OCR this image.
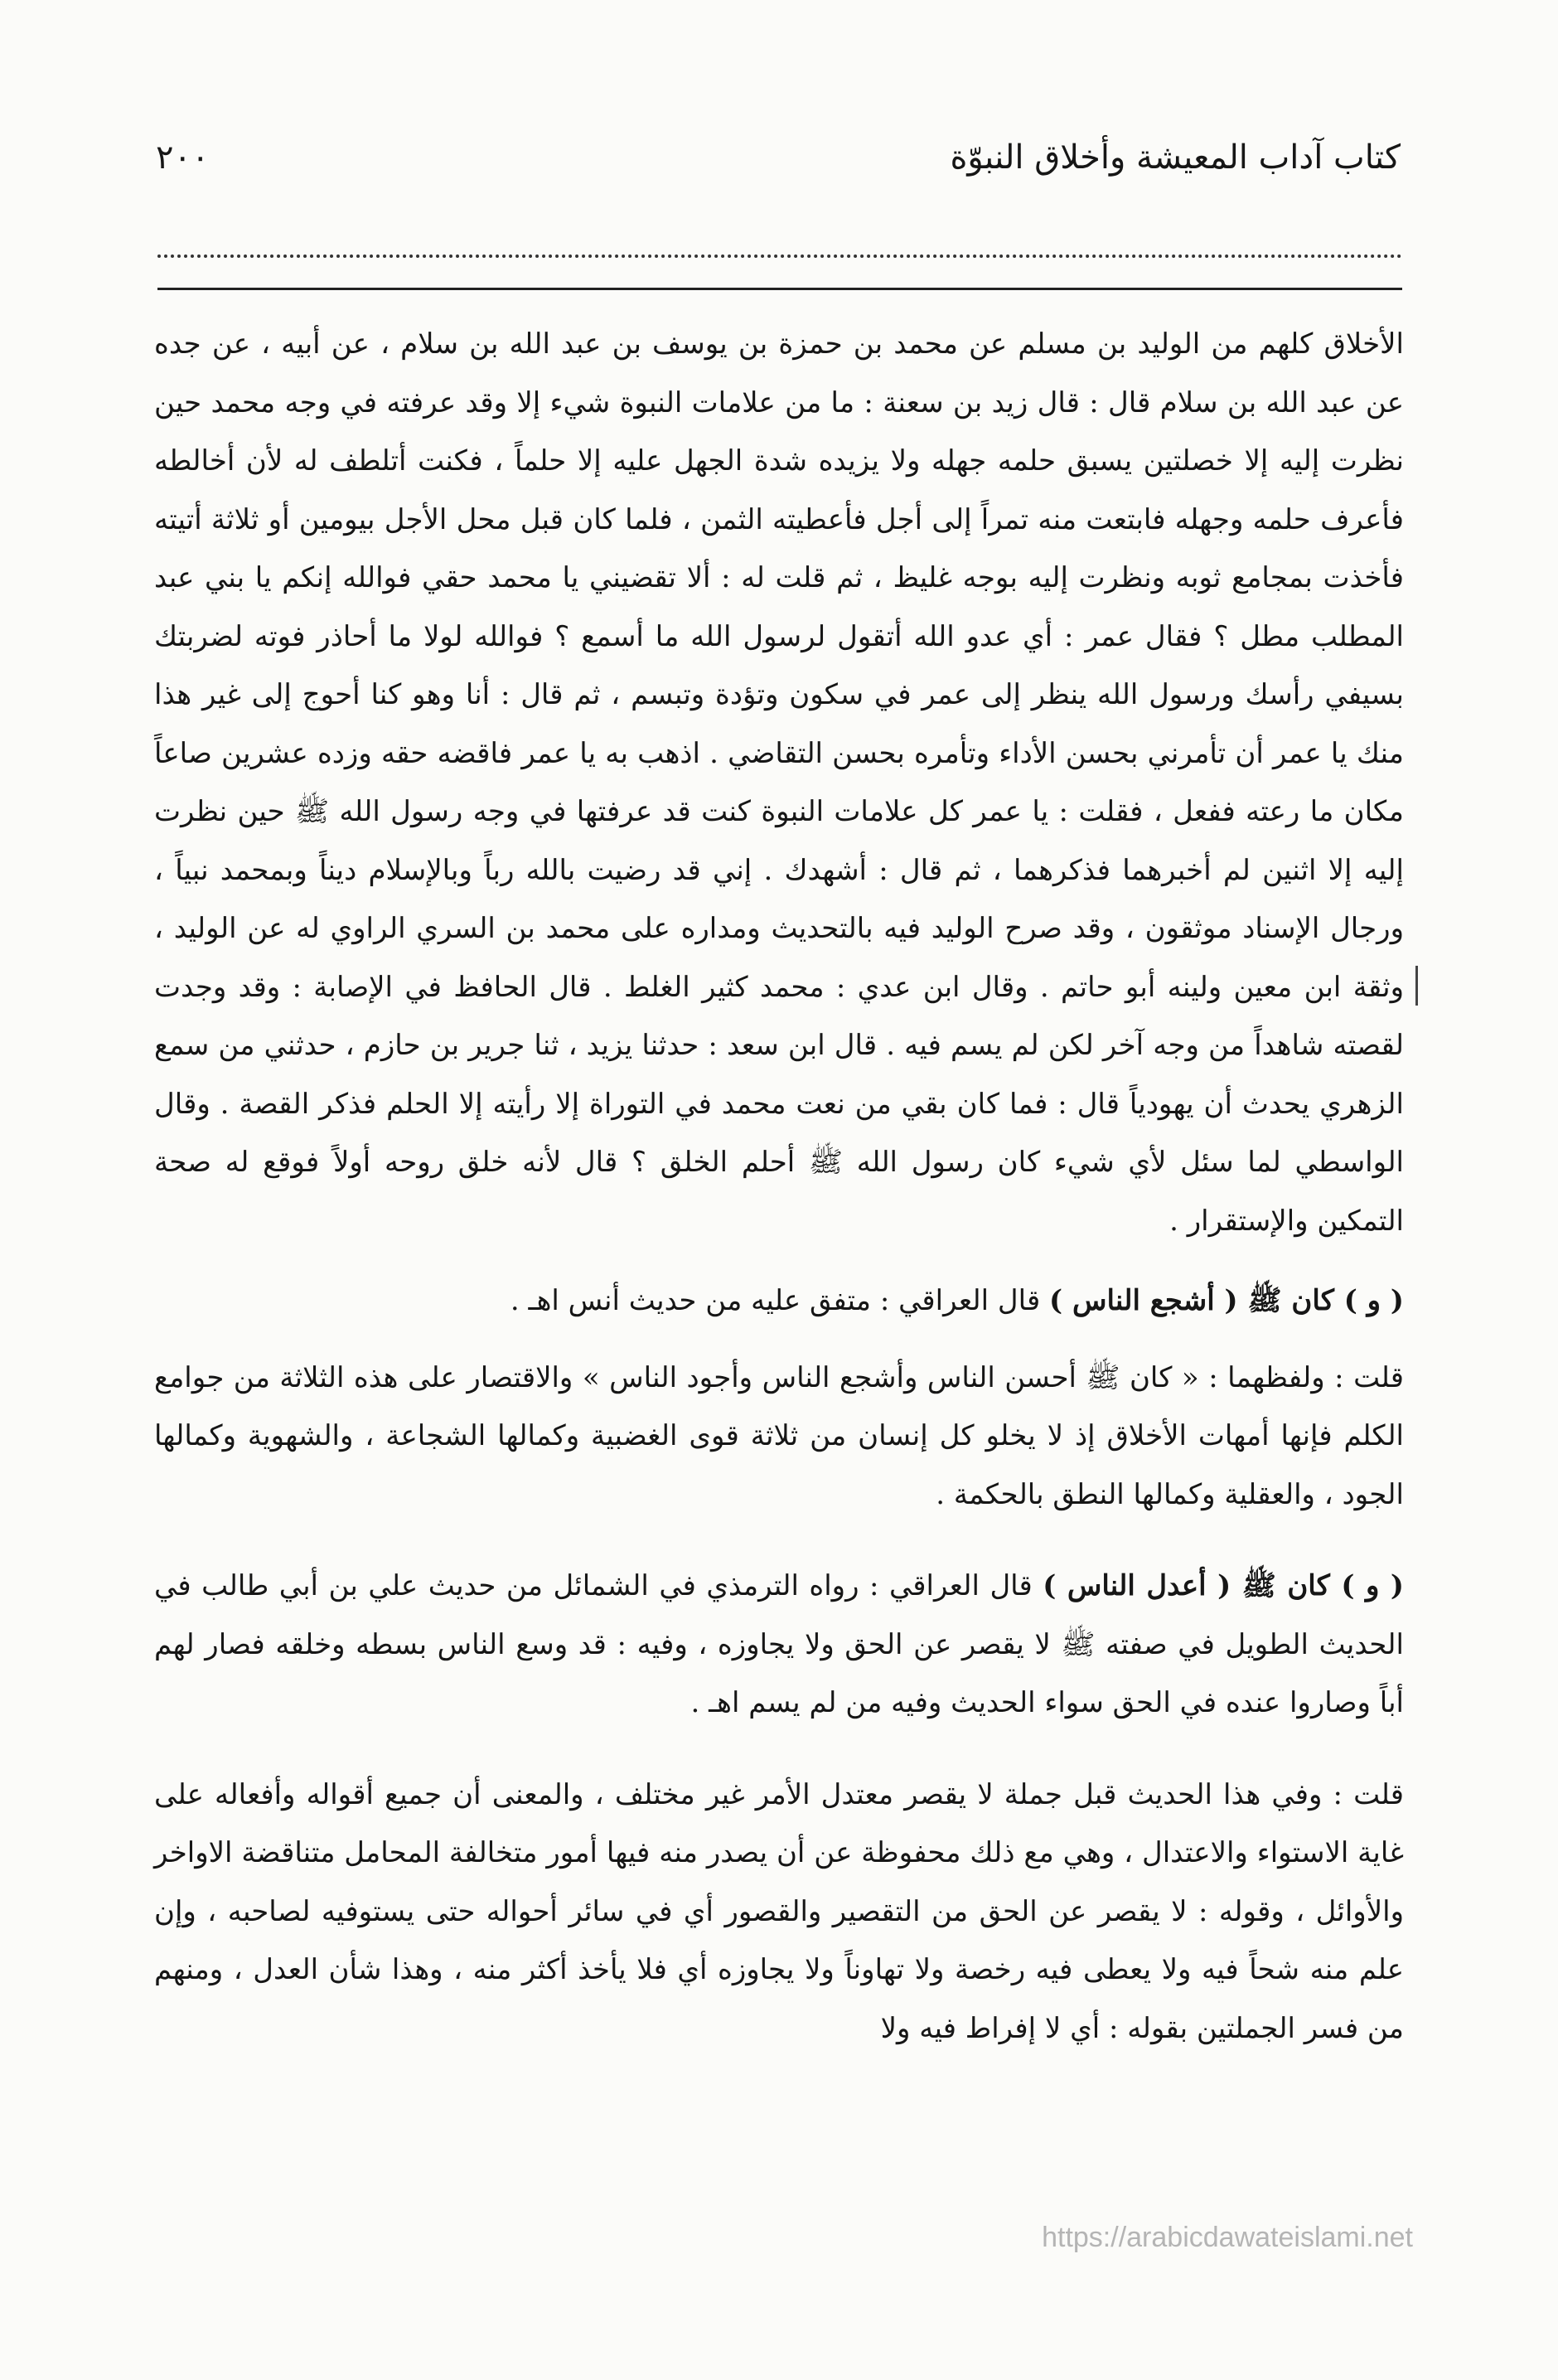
٢٠٠	كتاب آداب المعيشة وأخلاق النبوّة

الأخلاق كلهم من الوليد بن مسلم عن محمد بن حمزة بن يوسف بن عبد الله بن سلام ، عن أبيه ، عن جده عن عبد الله بن سلام قال : قال زيد بن سعنة : ما من علامات النبوة شيء إلا وقد عرفته في وجه محمد حين نظرت إليه إلا خصلتين يسبق حلمه جهله ولا يزيده شدة الجهل عليه إلا حلماً ، فكنت أتلطف له لأن أخالطه فأعرف حلمه وجهله فابتعت منه تمراً إلى أجل فأعطيته الثمن ، فلما كان قبل محل الأجل بيومين أو ثلاثة أتيته فأخذت بمجامع ثوبه ونظرت إليه بوجه غليظ ، ثم قلت له : ألا تقضيني يا محمد حقي فوالله إنكم يا بني عبد المطلب مطل ؟ فقال عمر : أي عدو الله أتقول لرسول الله ما أسمع ؟ فوالله لولا ما أحاذر فوته لضربتك بسيفي رأسك ورسول الله ينظر إلى عمر في سكون وتؤدة وتبسم ، ثم قال : أنا وهو كنا أحوج إلى غير هذا منك يا عمر أن تأمرني بحسن الأداء وتأمره بحسن التقاضي . اذهب به يا عمر فاقضه حقه وزده عشرين صاعاً مكان ما رعته ففعل ، فقلت : يا عمر كل علامات النبوة كنت قد عرفتها في وجه رسول الله ﷺ حين نظرت إليه إلا اثنين لم أخبرهما فذكرهما ، ثم قال : أشهدك . إني قد رضيت بالله رباً وبالإسلام ديناً وبمحمد نبياً ، ورجال الإسناد موثقون ، وقد صرح الوليد فيه بالتحديث ومداره على محمد بن السري الراوي له عن الوليد ، وثقة ابن معين ولينه أبو حاتم . وقال ابن عدي : محمد كثير الغلط . قال الحافظ في الإصابة : وقد وجدت لقصته شاهداً من وجه آخر لكن لم يسم فيه . قال ابن سعد : حدثنا يزيد ، ثنا جرير بن حازم ، حدثني من سمع الزهري يحدث أن يهودياً قال : فما كان بقي من نعت محمد في التوراة إلا رأيته إلا الحلم فذكر القصة . وقال الواسطي لما سئل لأي شيء كان رسول الله ﷺ أحلم الخلق ؟ قال لأنه خلق روحه أولاً فوقع له صحة التمكين والإستقرار .

( و ) كان ﷺ ( أشجع الناس ) قال العراقي : متفق عليه من حديث أنس اهـ .

قلت : ولفظهما : « كان ﷺ أحسن الناس وأشجع الناس وأجود الناس » والاقتصار على هذه الثلاثة من جوامع الكلم فإنها أمهات الأخلاق إذ لا يخلو كل إنسان من ثلاثة قوى الغضبية وكمالها الشجاعة ، والشهوية وكمالها الجود ، والعقلية وكمالها النطق بالحكمة .

( و ) كان ﷺ ( أعدل الناس ) قال العراقي : رواه الترمذي في الشمائل من حديث علي بن أبي طالب في الحديث الطويل في صفته ﷺ لا يقصر عن الحق ولا يجاوزه ، وفيه : قد وسع الناس بسطه وخلقه فصار لهم أباً وصاروا عنده في الحق سواء الحديث وفيه من لم يسم اهـ .

قلت : وفي هذا الحديث قبل جملة لا يقصر معتدل الأمر غير مختلف ، والمعنى أن جميع أقواله وأفعاله على غاية الاستواء والاعتدال ، وهي مع ذلك محفوظة عن أن يصدر منه فيها أمور متخالفة المحامل متناقضة الاواخر والأوائل ، وقوله : لا يقصر عن الحق من التقصير والقصور أي في سائر أحواله حتى يستوفيه لصاحبه ، وإن علم منه شحاً فيه ولا يعطى فيه رخصة ولا تهاوناً ولا يجاوزه أي فلا يأخذ أكثر منه ، وهذا شأن العدل ، ومنهم من فسر الجملتين بقوله : أي لا إفراط فيه ولا

https://arabicdawateislami.net
